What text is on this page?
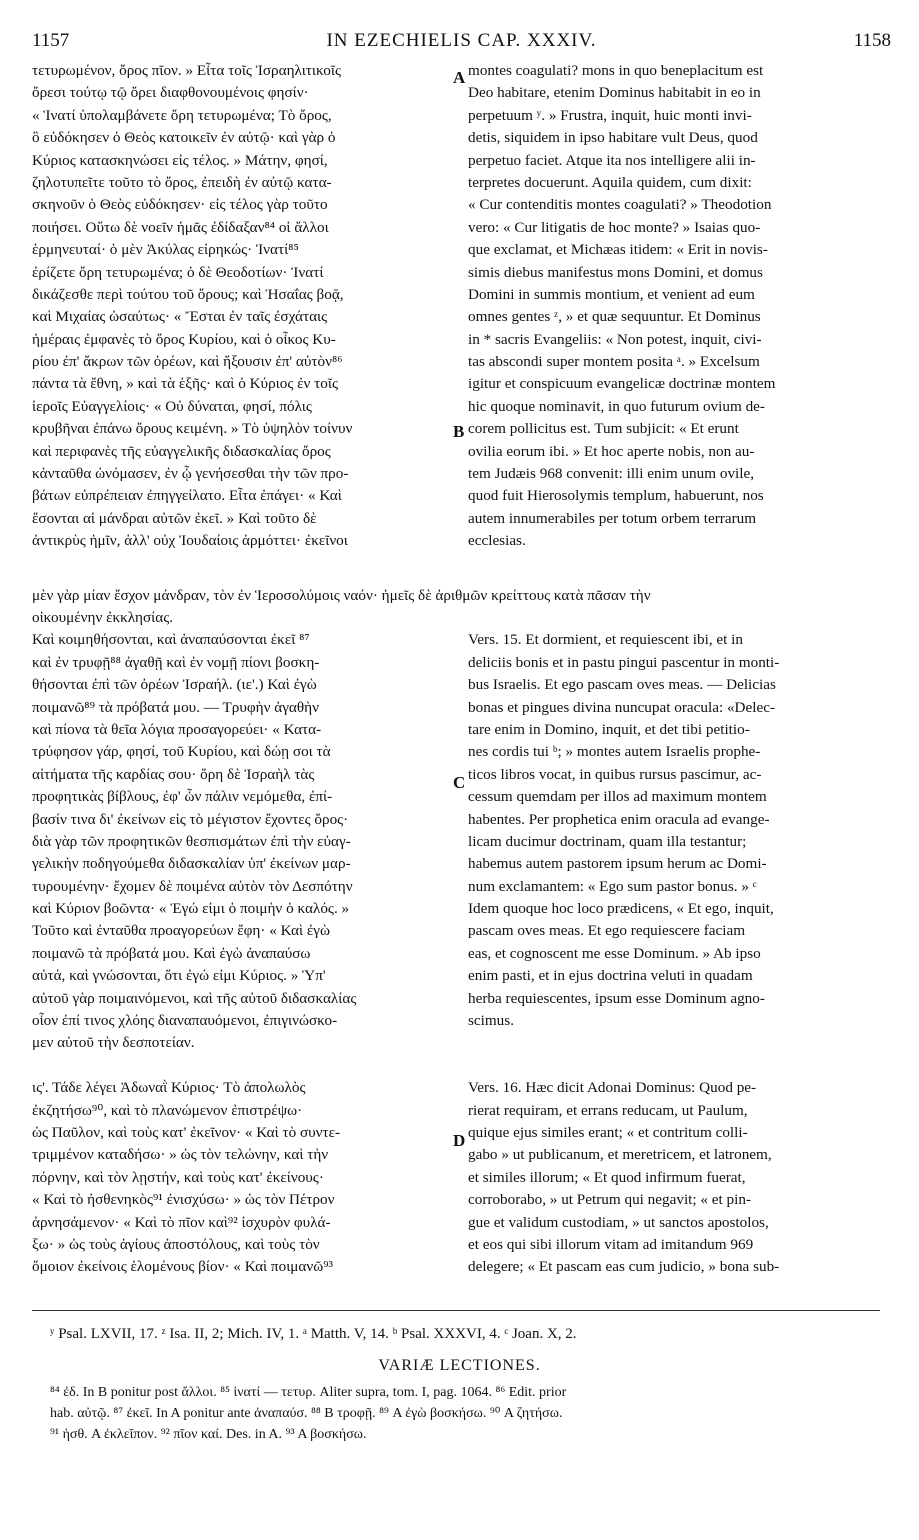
1157	IN EZECHIELIS CAP. XXXIV.	1158
A
B
C
D
τετυρωμένον, ὄρος πῖον. » Εἶτα τοῖς Ἰσραηλιτικοῖς
ὄρεσι τούτῳ τῷ ὄρει διαφθονουμένοις φησίν·
« Ἱνατί ὑπολαμβάνετε ὄρη τετυρωμένα; Τὸ ὄρος,
ὃ εὐδόκησεν ὁ Θεὸς κατοικεῖν ἐν αὐτῷ· καὶ γὰρ ὁ
Κύριος κατασκηνώσει εἰς τέλος. » Μάτην, φησί,
ζηλοτυπεῖτε τοῦτο τὸ ὄρος, ἐπειδὴ ἐν αὐτῷ κατα-
σκηνοῦν ὁ Θεὸς εὐδόκησεν· εἰς τέλος γὰρ τοῦτο
ποιήσει. Οὕτω δὲ νοεῖν ἡμᾶς ἐδίδαξαν⁸⁴ οἱ ἄλλοι
ἑρμηνευταί· ὁ μὲν Ἀκύλας εἰρηκώς· Ἱνατί⁸⁵
ἐρίζετε ὄρη τετυρωμένα; ὁ δὲ Θεοδοτίων· Ἱνατί
δικάζεσθε περὶ τούτου τοῦ ὄρους; καὶ Ἡσαΐας βοᾷ,
καὶ Μιχαίας ὡσαύτως· « Ἔσται ἐν ταῖς ἐσχάταις
ἡμέραις ἐμφανὲς τὸ ὄρος Κυρίου, καὶ ὁ οἶκος Κυ-
ρίου ἐπ' ἄκρων τῶν ὀρέων, καὶ ἥξουσιν ἐπ' αὐτὸν⁸⁶
πάντα τὰ ἔθνη, » καὶ τὰ ἑξῆς· καὶ ὁ Κύριος ἐν τοῖς
ἱεροῖς Εὐαγγελίοις· « Οὐ δύναται, φησί, πόλις
κρυβῆναι ἐπάνω ὄρους κειμένη. » Τὸ ὑψηλὸν τοίνυν
καὶ περιφανὲς τῆς εὐαγγελικῆς διδασκαλίας ὄρος
κἀνταῦθα ὠνόμασεν, ἐν ᾧ γενήσεσθαι τὴν τῶν προ-
βάτων εὐπρέπειαν ἐπηγγείλατο. Εἶτα ἐπάγει· « Καὶ
ἔσονται αἱ μάνδραι αὐτῶν ἐκεῖ. » Καὶ τοῦτο δὲ
ἀντικρὺς ἡμῖν, ἀλλ' οὐχ Ἰουδαίοις ἁρμόττει· ἐκεῖνοι
montes coagulati? mons in quo beneplacitum est
Deo habitare, etenim Dominus habitabit in eo in
perpetuum ʸ. » Frustra, inquit, huic monti invi-
detis, siquidem in ipso habitare vult Deus, quod
perpetuo faciet. Atque ita nos intelligere alii in-
terpretes docuerunt. Aquila quidem, cum dixit:
« Cur contenditis montes coagulati? » Theodotion
vero: « Cur litigatis de hoc monte? » Isaias quo-
que exclamat, et Michæas itidem: « Erit in novis-
simis diebus manifestus mons Domini, et domus
Domini in summis montium, et venient ad eum
omnes gentes ᶻ, » et quæ sequuntur. Et Dominus
in * sacris Evangeliis: « Non potest, inquit, civi-
tas abscondi super montem posita ᵃ. » Excelsum
igitur et conspicuum evangelicæ doctrinæ montem
hic quoque nominavit, in quo futurum ovium de-
corem pollicitus est. Tum subjicit: « Et erunt
ovilia eorum ibi. » Et hoc aperte nobis, non au-
tem Judæis 968 convenit: illi enim unum ovile,
quod fuit Hierosolymis templum, habuerunt, nos
autem innumerabiles per totum orbem terrarum
ecclesias.
μὲν γὰρ μίαν ἔσχον μάνδραν, τὸν ἐν Ἱεροσολύμοις ναόν· ἡμεῖς δὲ ἀριθμῶν κρείττους κατὰ πᾶσαν τὴν
οἰκουμένην ἐκκλησίας.
Καὶ κοιμηθήσονται, καὶ ἀναπαύσονται ἐκεῖ ⁸⁷
καὶ ἐν τρυφῇ⁸⁸ ἀγαθῇ καὶ ἐν νομῇ πίονι βοσκη-
θήσονται ἐπὶ τῶν ὀρέων Ἰσραήλ. (ιε'.) Καὶ ἐγὼ
ποιμανῶ⁸⁹ τὰ πρόβατά μου. — Τρυφὴν ἀγαθὴν
καὶ πίονα τὰ θεῖα λόγια προσαγορεύει· « Κατα-
τρύφησον γάρ, φησί, τοῦ Κυρίου, καὶ δώῃ σοι τὰ
αἰτήματα τῆς καρδίας σου· ὄρη δὲ Ἰσραὴλ τὰς
προφητικὰς βίβλους, ἐφ' ὧν πάλιν νεμόμεθα, ἐπί-
βασίν τινα δι' ἐκείνων εἰς τὸ μέγιστον ἔχοντες ὄρος·
διὰ γὰρ τῶν προφητικῶν θεσπισμάτων ἐπὶ τὴν εὐαγ-
γελικὴν ποδηγούμεθα διδασκαλίαν ὑπ' ἐκείνων μαρ-
τυρουμένην· ἔχομεν δὲ ποιμένα αὐτὸν τὸν Δεσπότην
καὶ Κύριον βοῶντα· « Ἐγώ εἰμι ὁ ποιμὴν ὁ καλός. »
Τοῦτο καὶ ἐνταῦθα προαγορεύων ἔφη· « Καὶ ἐγὼ
ποιμανῶ τὰ πρόβατά μου. Καὶ ἐγὼ ἀναπαύσω
αὐτά, καὶ γνώσονται, ὅτι ἐγώ εἰμι Κύριος. » Ὑπ'
αὐτοῦ γὰρ ποιμαινόμενοι, καὶ τῆς αὐτοῦ διδασκαλίας
οἷον ἐπί τινος χλόης διαναπαυόμενοι, ἐπιγινώσκο-
μεν αὐτοῦ τὴν δεσποτείαν.
ις'. Τάδε λέγει Ἀδωναῒ Κύριος· Τὸ ἀπολωλὸς
ἐκζητήσω⁹⁰, καὶ τὸ πλανώμενον ἐπιστρέψω·
ὡς Παῦλον, καὶ τοὺς κατ' ἐκεῖνον· « Καὶ τὸ συντε-
τριμμένον καταδήσω· » ὡς τὸν τελώνην, καὶ τὴν
πόρνην, καὶ τὸν λῃστήν, καὶ τοὺς κατ' ἐκείνους·
« Καὶ τὸ ἠσθενηκὸς⁹¹ ἐνισχύσω· » ὡς τὸν Πέτρον
ἀρνησάμενον· « Καὶ τὸ πῖον καὶ⁹² ἰσχυρὸν φυλά-
ξω· » ὡς τοὺς ἁγίους ἀποστόλους, καὶ τοὺς τὸν
ὅμοιον ἐκείνοις ἑλομένους βίον· « Καὶ ποιμανῶ⁹³
Vers. 15. Et dormient, et requiescent ibi, et in
deliciis bonis et in pastu pingui pascentur in monti-
bus Israelis. Et ego pascam oves meas. — Delicias
bonas et pingues divina nuncupat oracula: «Delec-
tare enim in Domino, inquit, et det tibi petitio-
nes cordis tui ᵇ; » montes autem Israelis prophe-
ticos libros vocat, in quibus rursus pascimur, ac-
cessum quemdam per illos ad maximum montem
habentes. Per prophetica enim oracula ad evange-
licam ducimur doctrinam, quam illa testantur;
habemus autem pastorem ipsum herum ac Domi-
num exclamantem: « Ego sum pastor bonus. » ᶜ
Idem quoque hoc loco prædicens, « Et ego, inquit,
pascam oves meas. Et ego requiescere faciam
eas, et cognoscent me esse Dominum. » Ab ipso
enim pasti, et in ejus doctrina veluti in quadam
herba requiescentes, ipsum esse Dominum agno-
scimus.
Vers. 16. Hæc dicit Adonai Dominus: Quod pe-
rierat requiram, et errans reducam, ut Paulum,
quique ejus similes erant; « et contritum colli-
gabo » ut publicanum, et meretricem, et latronem,
et similes illorum; « Et quod infirmum fuerat,
corroborabo, » ut Petrum qui negavit; « et pin-
gue et validum custodiam, » ut sanctos apostolos,
et eos qui sibi illorum vitam ad imitandum 969
delegere; « Et pascam eas cum judicio, » bona sub-
ʸ Psal. LXVII, 17. ᶻ Isa. II, 2; Mich. IV, 1. ᵃ Matth. V, 14. ᵇ Psal. XXXVI, 4. ᶜ Joan. X, 2.
VARIÆ LECTIONES.
⁸⁴ ἐδ. In B ponitur post ἄλλοι. ⁸⁵ ἱνατί — τετυρ. Aliter supra, tom. I, pag. 1064. ⁸⁶ Edit. prior
hab. αὐτῷ. ⁸⁷ ἐκεῖ. In A ponitur ante ἀναπαύσ. ⁸⁸ B τροφῇ. ⁸⁹ A ἐγὼ βοσκήσω. ⁹⁰ A ζητήσω.
⁹¹ ἡσθ. A ἐκλεῖπον. ⁹² πῖον καί. Des. in A. ⁹³ A βοσκήσω.
